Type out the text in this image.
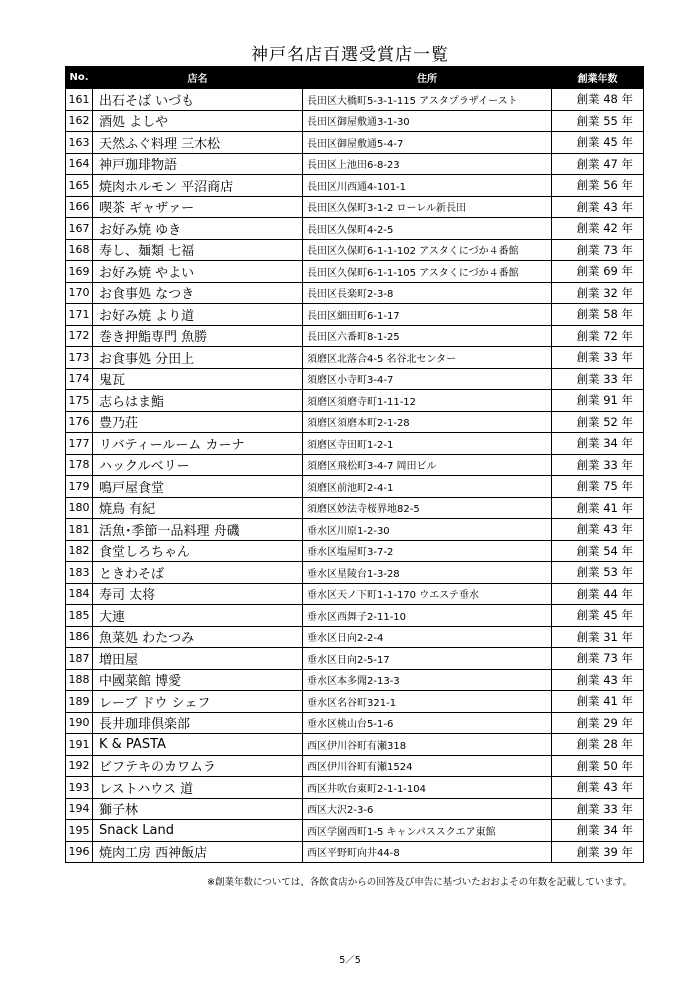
神戸名店百選受賞店一覧
No.	店名	住所	創業年数
161	出石そば いづも	長田区大橋町5-3-1-115 アスタプラザイースト	創業 48 年
162	酒処 よしや	長田区御屋敷通3-1-30	創業 55 年
163	天然ふぐ料理 三木松	長田区御屋敷通5-4-7	創業 45 年
164	神戸珈琲物語	長田区上池田6-8-23	創業 47 年
165	焼肉ホルモン 平沼商店	長田区川西通4-101-1	創業 56 年
166	喫茶 ギャザァー	長田区久保町3-1-2 ローレル新長田	創業 43 年
167	お好み焼 ゆき	長田区久保町4-2-5	創業 42 年
168	寿し、麺類 七福	長田区久保町6-1-1-102 アスタくにづか４番館	創業 73 年
169	お好み焼 やよい	長田区久保町6-1-1-105 アスタくにづか４番館	創業 69 年
170	お食事処 なつき	長田区長楽町2-3-8	創業 32 年
171	お好み焼 より道	長田区細田町6-1-17	創業 58 年
172	巻き押鮨専門 魚勝	長田区六番町8-1-25	創業 72 年
173	お食事処 分田上	須磨区北落合4-5 名谷北センター	創業 33 年
174	鬼瓦	須磨区小寺町3-4-7	創業 33 年
175	志らはま鮨	須磨区須磨寺町1-11-12	創業 91 年
176	豊乃荘	須磨区須磨本町2-1-28	創業 52 年
177	リバティールーム カーナ	須磨区寺田町1-2-1	創業 34 年
178	ハックルベリー	須磨区飛松町3-4-7 岡田ビル	創業 33 年
179	鳴戸屋食堂	須磨区前池町2-4-1	創業 75 年
180	焼鳥 有紀	須磨区妙法寺桜界地82-5	創業 41 年
181	活魚･季節一品料理 舟磯	垂水区川原1-2-30	創業 43 年
182	食堂しろちゃん	垂水区塩屋町3-7-2	創業 54 年
183	ときわそば	垂水区星陵台1-3-28	創業 53 年
184	寿司 太将	垂水区天ノ下町1-1-170 ウエステ垂水	創業 44 年
185	大連	垂水区西舞子2-11-10	創業 45 年
186	魚菜処 わたつみ	垂水区日向2-2-4	創業 31 年
187	増田屋	垂水区日向2-5-17	創業 73 年
188	中國菜館 博愛	垂水区本多聞2-13-3	創業 43 年
189	レーブ ドウ シェフ	垂水区名谷町321-1	創業 41 年
190	長井珈琲倶楽部	垂水区桃山台5-1-6	創業 29 年
191	K & PASTA	西区伊川谷町有瀬318	創業 28 年
192	ビフテキのカワムラ	西区伊川谷町有瀬1524	創業 50 年
193	レストハウス 道	西区井吹台東町2-1-1-104	創業 43 年
194	獅子林	西区大沢2-3-6	創業 33 年
195	Snack Land	西区学園西町1-5 キャンパススクエア東館	創業 34 年
196	焼肉工房 西神飯店	西区平野町向井44-8	創業 39 年
※創業年数については、各飲食店からの回答及び申告に基づいたおおよその年数を記載しています。
5／5
